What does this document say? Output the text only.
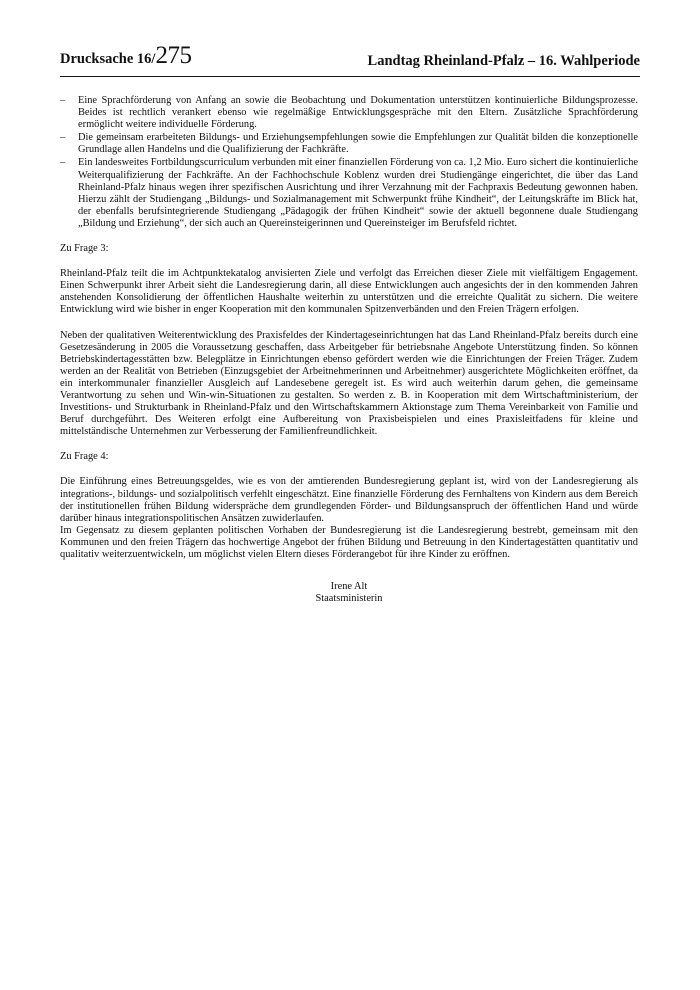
Drucksache 16/275	Landtag Rheinland-Pfalz – 16. Wahlperiode
– Eine Sprachförderung von Anfang an sowie die Beobachtung und Dokumentation unterstützen kontinuierliche Bildungsprozesse. Beides ist rechtlich verankert ebenso wie regelmäßige Entwicklungsgespräche mit den Eltern. Zusätzliche Sprachförderung ermöglicht weitere individuelle Förderung.
– Die gemeinsam erarbeiteten Bildungs- und Erziehungsempfehlungen sowie die Empfehlungen zur Qualität bilden die konzeptionelle Grundlage allen Handelns und die Qualifizierung der Fachkräfte.
– Ein landesweites Fortbildungscurriculum verbunden mit einer finanziellen Förderung von ca. 1,2 Mio. Euro sichert die kontinuierliche Weiterqualifizierung der Fachkräfte. An der Fachhochschule Koblenz wurden drei Studiengänge eingerichtet, die über das Land Rheinland-Pfalz hinaus wegen ihrer spezifischen Ausrichtung und ihrer Verzahnung mit der Fachpraxis Bedeutung gewonnen haben. Hierzu zählt der Studiengang „Bildungs- und Sozialmanagement mit Schwerpunkt frühe Kindheit“, der Leitungskräfte im Blick hat, der ebenfalls berufsintegrierende Studiengang „Pädagogik der frühen Kindheit“ sowie der aktuell begonnene duale Studiengang „Bildung und Erziehung“, der sich auch an Quereinsteigerinnen und Quereinsteiger im Berufsfeld richtet.
Zu Frage 3:

Rheinland-Pfalz teilt die im Achtpunktekatalog anvisierten Ziele und verfolgt das Erreichen dieser Ziele mit vielfältigem Engagement. Einen Schwerpunkt ihrer Arbeit sieht die Landesregierung darin, all diese Entwicklungen auch angesichts der in den kommenden Jahren anstehenden Konsolidierung der öffentlichen Haushalte weiterhin zu unterstützen und die erreichte Qualität zu sichern. Die weitere Entwicklung wird wie bisher in enger Kooperation mit den kommunalen Spitzenverbänden und den Freien Trägern erfolgen.

Neben der qualitativen Weiterentwicklung des Praxisfeldes der Kindertageseinrichtungen hat das Land Rheinland-Pfalz bereits durch eine Gesetzesänderung in 2005 die Voraussetzung geschaffen, dass Arbeitgeber für betriebsnahe Angebote Unterstützung finden. So können Betriebskindertagesstätten bzw. Belegplätze in Einrichtungen ebenso gefördert werden wie die Einrichtungen der Freien Träger. Zudem werden an der Realität von Betrieben (Einzugsgebiet der Arbeitnehmerinnen und Arbeitnehmer) ausgerichtete Möglichkeiten eröffnet, da ein interkommunaler finanzieller Ausgleich auf Landesebene geregelt ist. Es wird auch weiterhin darum gehen, die gemeinsame Verantwortung zu sehen und Win-win-Situationen zu gestalten. So werden z. B. in Kooperation mit dem Wirtschaftministerium, der Investitions- und Strukturbank in Rheinland-Pfalz und den Wirtschaftskammern Aktionstage zum Thema Vereinbarkeit von Familie und Beruf durchgeführt. Des Weiteren erfolgt eine Aufbereitung von Praxisbeispielen und eines Praxisleitfadens für kleine und mittelständische Unternehmen zur Verbesserung der Familienfreundlichkeit.

Zu Frage 4:

Die Einführung eines Betreuungsgeldes, wie es von der amtierenden Bundesregierung geplant ist, wird von der Landesregierung als integrations-, bildungs- und sozialpolitisch verfehlt eingeschätzt. Eine finanzielle Förderung des Fernhaltens von Kindern aus dem Bereich der institutionellen frühen Bildung widerspräche dem grundlegenden Förder- und Bildungsanspruch der öffentlichen Hand und würde darüber hinaus integrationspolitischen Ansätzen zuwiderlaufen.

Im Gegensatz zu diesem geplanten politischen Vorhaben der Bundesregierung ist die Landesregierung bestrebt, gemeinsam mit den Kommunen und den freien Trägern das hochwertige Angebot der frühen Bildung und Betreuung in den Kindertagestätten quantitativ und qualitativ weiterzuentwickeln, um möglichst vielen Eltern dieses Förderangebot für ihre Kinder zu eröffnen.

Irene Alt
Staatsministerin
